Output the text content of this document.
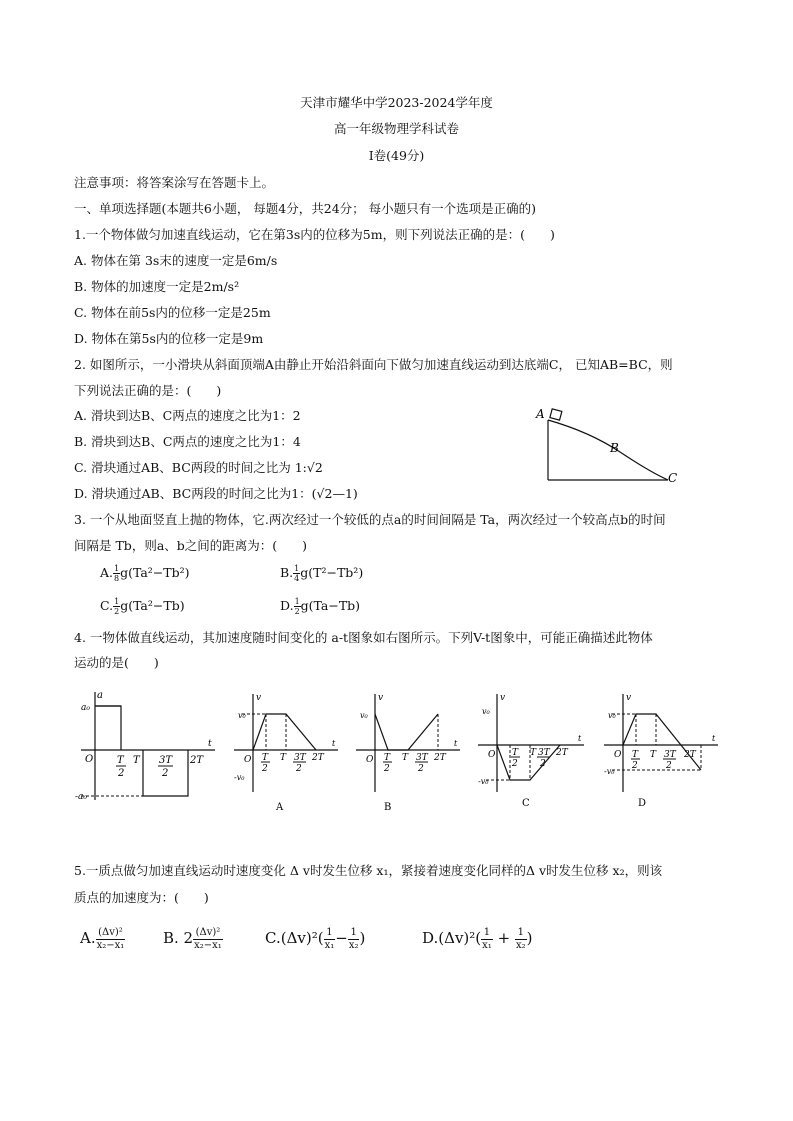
天津市耀华中学2023-2024学年度
高一年级物理学科试卷
Ⅰ卷(49分)
注意事项：将答案涂写在答题卡上。
一、单项选择题(本题共6小题， 每题4分，共24分； 每小题只有一个选项是正确的)
1.一个物体做匀加速直线运动，它在第3s内的位移为5m，则下列说法正确的是：(　　)
A. 物体在第 3s末的速度一定是6m/s
B. 物体的加速度一定是2m/s²
C. 物体在前5s内的位移一定是25m
D. 物体在第5s内的位移一定是9m
2. 如图所示，一小滑块从斜面顶端A由静止开始沿斜面向下做匀加速直线运动到达底端C， 已知AB=BC，则
下列说法正确的是：(　　)
A. 滑块到达B、C两点的速度之比为1：2
B. 滑块到达B、C两点的速度之比为1：4
C. 滑块通过AB、BC两段的时间之比为 1:√2
D. 滑块通过AB、BC两段的时间之比为1：(√2—1)
A
B
C
3. 一个从地面竖直上抛的物体，它.两次经过一个较低的点a的时间间隔是 Ta，两次经过一个较高点b的时间
间隔是 Tb，则a、b之间的距离为：(　　)
A. $\frac{1}{8} g(Ta^2-Tb^2)$	B. $\frac{1}{4} g(T^2-Tb^2)$
C. $\frac{1}{2} g(Ta^2-Tb)$	D. $\frac{1}{2} g(Ta-Tb)$
4. 一物体做直线运动，其加速度随时间变化的 a-t图象如右图所示。下列V-t图象中，可能正确描述此物体
运动的是(　　)
a
a₀
-a₀
O T
2
T 3T
2
2T
t
v
v₀
-v₀
O T
2
T 3T
2
2T
t
A
v
v₀
O T
2
T 3T
2
2T
t
B
v
v₀
-v₀
O T
2
T 3T
2
2T
t
C
v
v₀
-v₀
O T
2
T 3T
2
2T
t
D
5.一质点做匀加速直线运动时速度变化 Δ v时发生位移 x₁，紧接着速度变化同样的Δ v时发生位移 x₂，则该
质点的加速度为：(　　)
A. $\frac{\text{(Δv)²}}{\text{x₂−x₁}}$	B. $2 \frac{\text{(Δv)²}}{\text{x₂−x₁}}$	$C.(\Delta v)^2( \frac{1}{\text{x₁}} - \frac{1}{\text{x₂}}$ )	$D.(\Delta v)^2( \frac{1}{\text{x₁}} + \frac{1}{\text{x₂}}$ )
